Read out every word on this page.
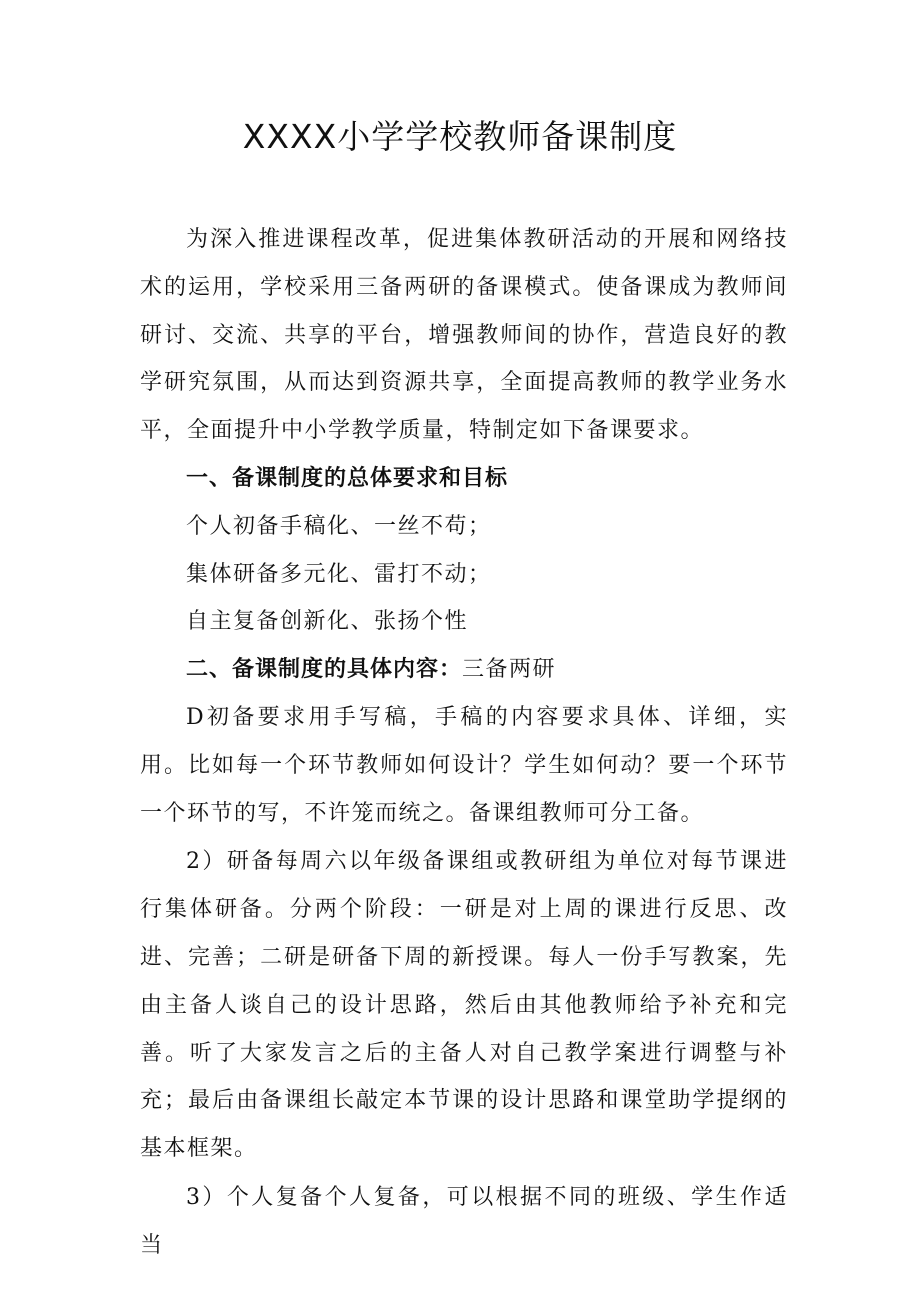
XXXX小学学校教师备课制度

为深入推进课程改革，促进集体教研活动的开展和网络技术的运用，学校采用三备两研的备课模式。使备课成为教师间研讨、交流、共享的平台，增强教师间的协作，营造良好的教学研究氛围，从而达到资源共享，全面提高教师的教学业务水平，全面提升中小学教学质量，特制定如下备课要求。

一、备课制度的总体要求和目标

个人初备手稿化、一丝不苟；

集体研备多元化、雷打不动；

自主复备创新化、张扬个性

二、备课制度的具体内容：三备两研

D初备要求用手写稿，手稿的内容要求具体、详细，实用。比如每一个环节教师如何设计？学生如何动？要一个环节一个环节的写，不许笼而统之。备课组教师可分工备。

2）研备每周六以年级备课组或教研组为单位对每节课进行集体研备。分两个阶段：一研是对上周的课进行反思、改进、完善；二研是研备下周的新授课。每人一份手写教案，先由主备人谈自己的设计思路，然后由其他教师给予补充和完善。听了大家发言之后的主备人对自己教学案进行调整与补充；最后由备课组长敲定本节课的设计思路和课堂助学提纲的基本框架。

3）个人复备个人复备，可以根据不同的班级、学生作适当
